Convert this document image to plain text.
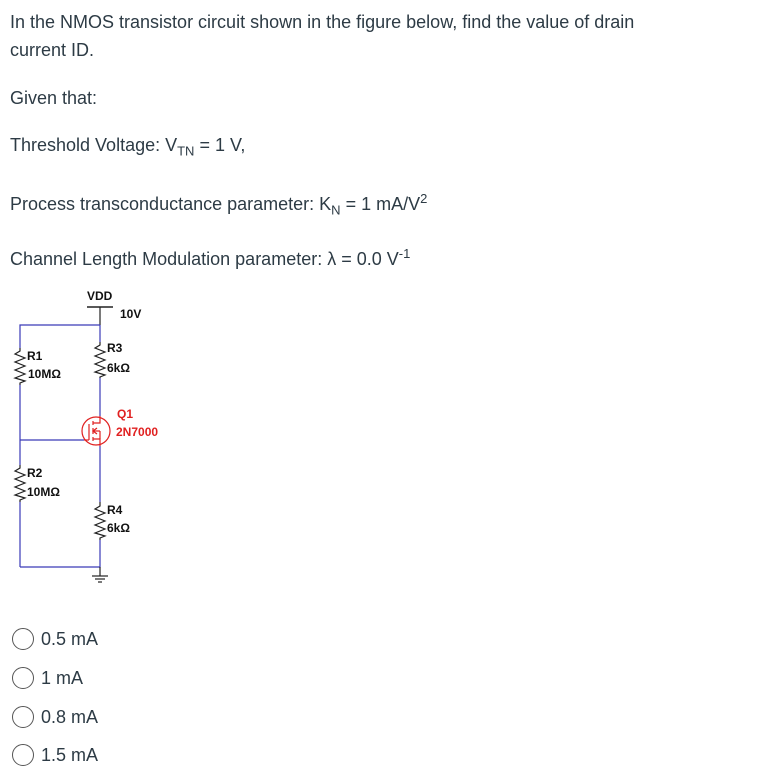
In the NMOS transistor circuit shown in the figure below, find the value of drain
current ID.
Given that:
Threshold Voltage: $V_{TN} = 1$ V,
Process transconductance parameter: $K_N = 1$ $mA/V^2$
Channel Length Modulation parameter: λ = 0.0 $V^{-1}$
VDD
10V
R1
10MΩ
R2
10MΩ
R3
6kΩ
Q1
2N7000
R4
6kΩ
0.5 mA
1 mA
0.8 mA
1.5 mA
